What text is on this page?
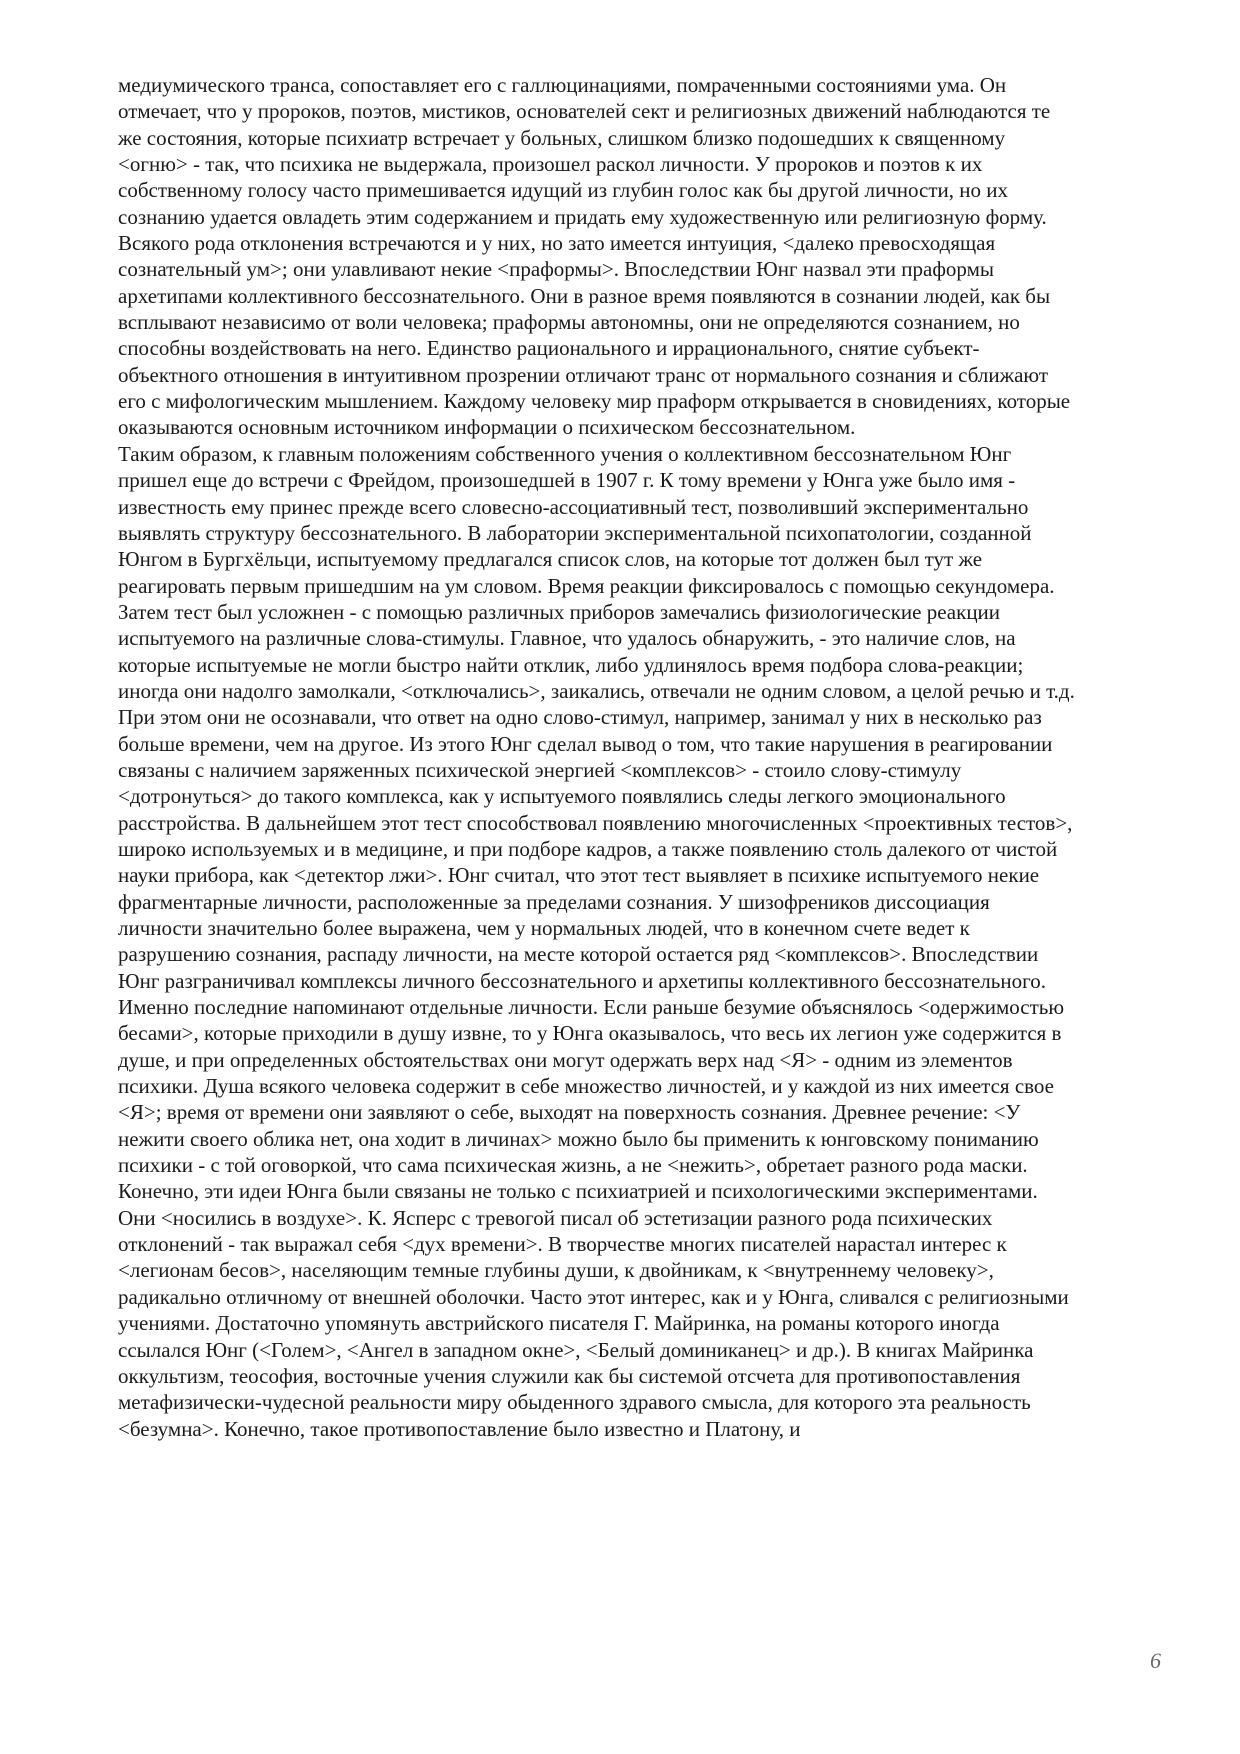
медиумического транса, сопоставляет его с галлюцинациями, помраченными состояниями ума. Он отмечает, что у пророков, поэтов, мистиков, основателей сект и религиозных движений наблюдаются те же состояния, которые психиатр встречает у больных, слишком близко подошедших к священному <огню> - так, что психика не выдержала, произошел раскол личности. У пророков и поэтов к их собственному голосу часто примешивается идущий из глубин голос как бы другой личности, но их сознанию удается овладеть этим содержанием и придать ему художественную или религиозную форму. Всякого рода отклонения встречаются и у них, но зато имеется интуиция, <далеко превосходящая сознательный ум>; они улавливают некие <праформы>. Впоследствии Юнг назвал эти праформы архетипами коллективного бессознательного. Они в разное время появляются в сознании людей, как бы всплывают независимо от воли человека; праформы автономны, они не определяются сознанием, но способны воздействовать на него. Единство рационального и иррационального, снятие субъект-объектного отношения в интуитивном прозрении отличают транс от нормального сознания и сближают его с мифологическим мышлением. Каждому человеку мир праформ открывается в сновидениях, которые оказываются основным источником информации о психическом бессознательном.

Таким образом, к главным положениям собственного учения о коллективном бессознательном Юнг пришел еще до встречи с Фрейдом, произошедшей в 1907 г. К тому времени у Юнга уже было имя - известность ему принес прежде всего словесно-ассоциативный тест, позволивший экспериментально выявлять структуру бессознательного. В лаборатории экспериментальной психопатологии, созданной Юнгом в Бургхёльци, испытуемому предлагался список слов, на которые тот должен был тут же реагировать первым пришедшим на ум словом. Время реакции фиксировалось с помощью секундомера. Затем тест был усложнен - с помощью различных приборов замечались физиологические реакции испытуемого на различные слова-стимулы. Главное, что удалось обнаружить, - это наличие слов, на которые испытуемые не могли быстро найти отклик, либо удлинялось время подбора слова-реакции; иногда они надолго замолкали, <отключались>, заикались, отвечали не одним словом, а целой речью и т.д. При этом они не осознавали, что ответ на одно слово-стимул, например, занимал у них в несколько раз больше времени, чем на другое. Из этого Юнг сделал вывод о том, что такие нарушения в реагировании связаны с наличием заряженных психической энергией <комплексов> - стоило слову-стимулу <дотронуться> до такого комплекса, как у испытуемого появлялись следы легкого эмоционального расстройства. В дальнейшем этот тест способствовал появлению многочисленных <проективных тестов>, широко используемых и в медицине, и при подборе кадров, а также появлению столь далекого от чистой науки прибора, как <детектор лжи>. Юнг считал, что этот тест выявляет в психике испытуемого некие фрагментарные личности, расположенные за пределами сознания. У шизофреников диссоциация личности значительно более выражена, чем у нормальных людей, что в конечном счете ведет к разрушению сознания, распаду личности, на месте которой остается ряд <комплексов>. Впоследствии Юнг разграничивал комплексы личного бессознательного и архетипы коллективного бессознательного. Именно последние напоминают отдельные личности. Если раньше безумие объяснялось <одержимостью бесами>, которые приходили в душу извне, то у Юнга оказывалось, что весь их легион уже содержится в душе, и при определенных обстоятельствах они могут одержать верх над <Я> - одним из элементов психики. Душа всякого человека содержит в себе множество личностей, и у каждой из них имеется свое <Я>; время от времени они заявляют о себе, выходят на поверхность сознания. Древнее речение: <У нежити своего облика нет, она ходит в личинах> можно было бы применить к юнговскому пониманию психики - с той оговоркой, что сама психическая жизнь, а не <нежить>, обретает разного рода маски.

Конечно, эти идеи Юнга были связаны не только с психиатрией и психологическими экспериментами. Они <носились в воздухе>. К. Ясперс с тревогой писал об эстетизации разного рода психических отклонений - так выражал себя <дух времени>. В творчестве многих писателей нарастал интерес к <легионам бесов>, населяющим темные глубины души, к двойникам, к <внутреннему человеку>, радикально отличному от внешней оболочки. Часто этот интерес, как и у Юнга, сливался с религиозными учениями. Достаточно упомянуть австрийского писателя Г. Майринка, на романы которого иногда ссылался Юнг (<Голем>, <Ангел в западном окне>, <Белый доминиканец> и др.). В книгах Майринка оккультизм, теософия, восточные учения служили как бы системой отсчета для противопоставления метафизически-чудесной реальности миру обыденного здравого смысла, для которого эта реальность <безумна>. Конечно, такое противопоставление было известно и Платону, и

6
